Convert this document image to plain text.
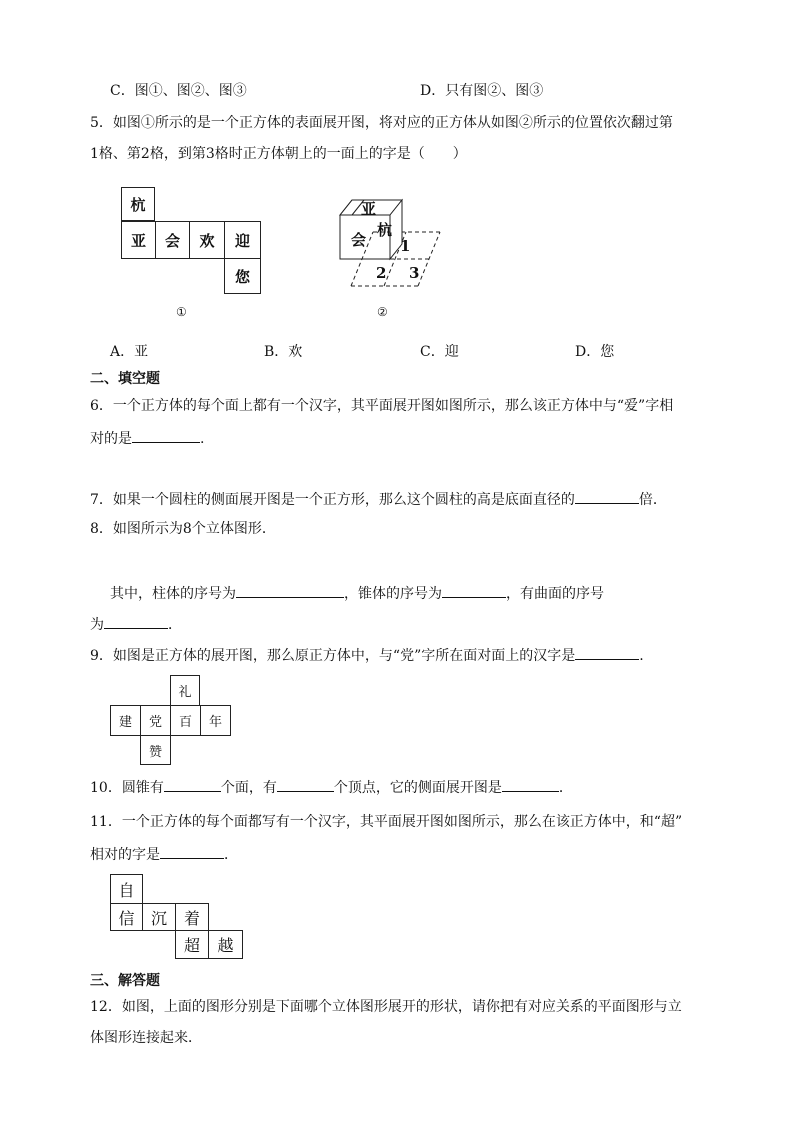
C．图①、图②、图③	D．只有图②、图③
5．如图①所示的是一个正方体的表面展开图，将对应的正方体从如图②所示的位置依次翻过第
1格、第2格，到第3格时正方体朝上的一面上的字是（　　）
杭
亚	会	欢	迎
您
①
亚
会
杭
1
2 3
②
A．亚	B．欢	C．迎	D．您
二、填空题
6．一个正方体的每个面上都有一个汉字，其平面展开图如图所示，那么该正方体中与“爱”字相
对的是	.
7．如果一个圆柱的侧面展开图是一个正方形，那么这个圆柱的高是底面直径的	倍．
8．如图所示为8个立体图形．
其中，柱体的序号为	，锥体的序号为	，有曲面的序号
为	．
9．如图是正方体的展开图，那么原正方体中，与“党”字所在面对面上的汉字是	.
礼
建	党	百	年
赞
10．圆锥有	个面，有	个顶点，它的侧面展开图是	．
11．一个正方体的每个面都写有一个汉字，其平面展开图如图所示，那么在该正方体中，和“超”
相对的字是	．
自
信	沉	着
超	越
三、解答题
12．如图，上面的图形分别是下面哪个立体图形展开的形状，请你把有对应关系的平面图形与立
体图形连接起来．
